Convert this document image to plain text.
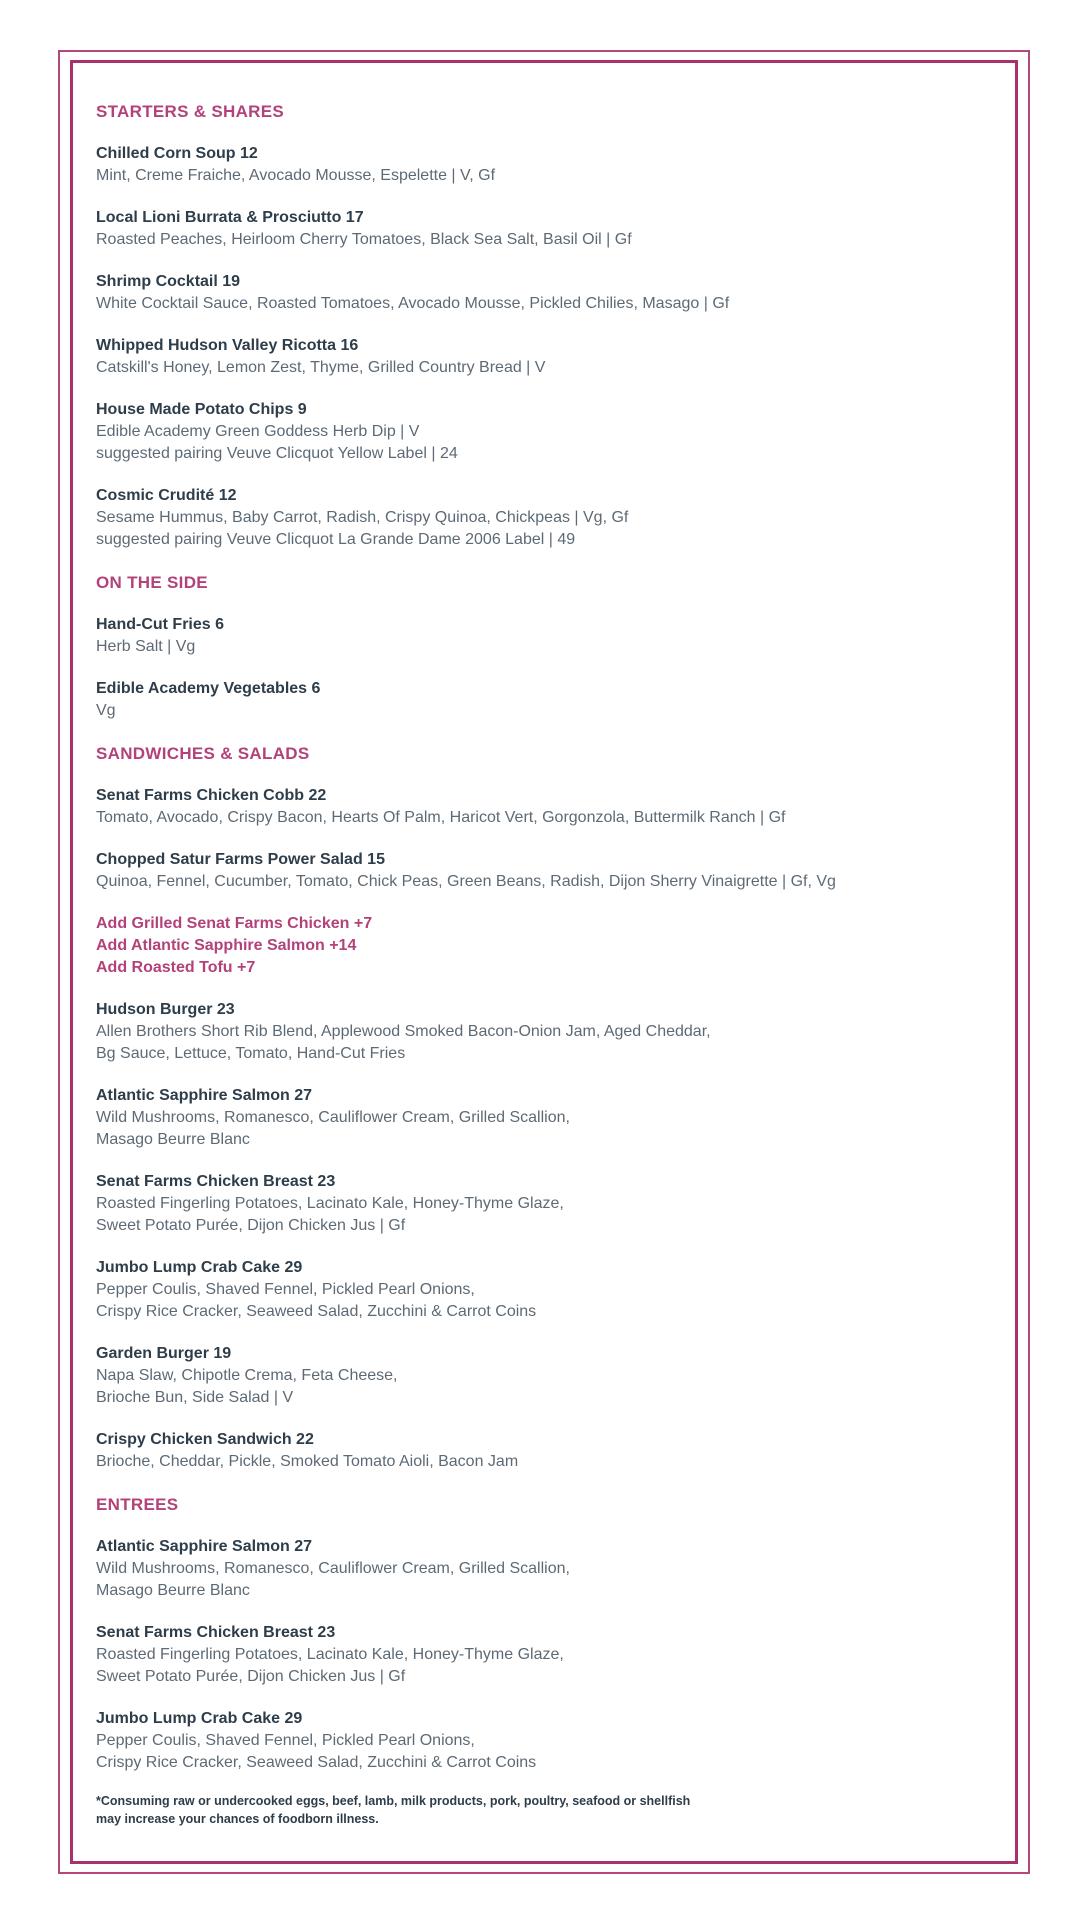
STARTERS & SHARES
Chilled Corn Soup 12
Mint, Creme Fraiche, Avocado Mousse, Espelette | V, Gf
Local Lioni Burrata & Prosciutto 17
Roasted Peaches, Heirloom Cherry Tomatoes, Black Sea Salt, Basil Oil | Gf
Shrimp Cocktail 19
White Cocktail Sauce, Roasted Tomatoes, Avocado Mousse, Pickled Chilies, Masago | Gf
Whipped Hudson Valley Ricotta 16
Catskill's Honey, Lemon Zest, Thyme, Grilled Country Bread | V
House Made Potato Chips 9
Edible Academy Green Goddess Herb Dip | V
suggested pairing Veuve Clicquot Yellow Label | 24
Cosmic Crudité 12
Sesame Hummus, Baby Carrot, Radish, Crispy Quinoa, Chickpeas | Vg, Gf
suggested pairing Veuve Clicquot La Grande Dame 2006 Label | 49
ON THE SIDE
Hand-Cut Fries 6
Herb Salt | Vg
Edible Academy Vegetables 6
Vg
SANDWICHES & SALADS
Senat Farms Chicken Cobb 22
Tomato, Avocado, Crispy Bacon, Hearts Of Palm, Haricot Vert, Gorgonzola, Buttermilk Ranch | Gf
Chopped Satur Farms Power Salad 15
Quinoa, Fennel, Cucumber, Tomato, Chick Peas, Green Beans, Radish, Dijon Sherry Vinaigrette | Gf, Vg
Add Grilled Senat Farms Chicken +7
Add Atlantic Sapphire Salmon +14
Add Roasted Tofu +7
Hudson Burger 23
Allen Brothers Short Rib Blend, Applewood Smoked Bacon-Onion Jam, Aged Cheddar,
Bg Sauce, Lettuce, Tomato, Hand-Cut Fries
Atlantic Sapphire Salmon 27
Wild Mushrooms, Romanesco, Cauliflower Cream, Grilled Scallion,
Masago Beurre Blanc
Senat Farms Chicken Breast 23
Roasted Fingerling Potatoes, Lacinato Kale, Honey-Thyme Glaze,
Sweet Potato Purée, Dijon Chicken Jus | Gf
Jumbo Lump Crab Cake 29
Pepper Coulis, Shaved Fennel, Pickled Pearl Onions,
Crispy Rice Cracker, Seaweed Salad, Zucchini & Carrot Coins
Garden Burger 19
Napa Slaw, Chipotle Crema, Feta Cheese,
Brioche Bun, Side Salad | V
Crispy Chicken Sandwich 22
Brioche, Cheddar, Pickle, Smoked Tomato Aioli, Bacon Jam
ENTREES
Atlantic Sapphire Salmon 27
Wild Mushrooms, Romanesco, Cauliflower Cream, Grilled Scallion,
Masago Beurre Blanc
Senat Farms Chicken Breast 23
Roasted Fingerling Potatoes, Lacinato Kale, Honey-Thyme Glaze,
Sweet Potato Purée, Dijon Chicken Jus | Gf
Jumbo Lump Crab Cake 29
Pepper Coulis, Shaved Fennel, Pickled Pearl Onions,
Crispy Rice Cracker, Seaweed Salad, Zucchini & Carrot Coins
*Consuming raw or undercooked eggs, beef, lamb, milk products, pork, poultry, seafood or shellfish
may increase your chances of foodborn illness.
